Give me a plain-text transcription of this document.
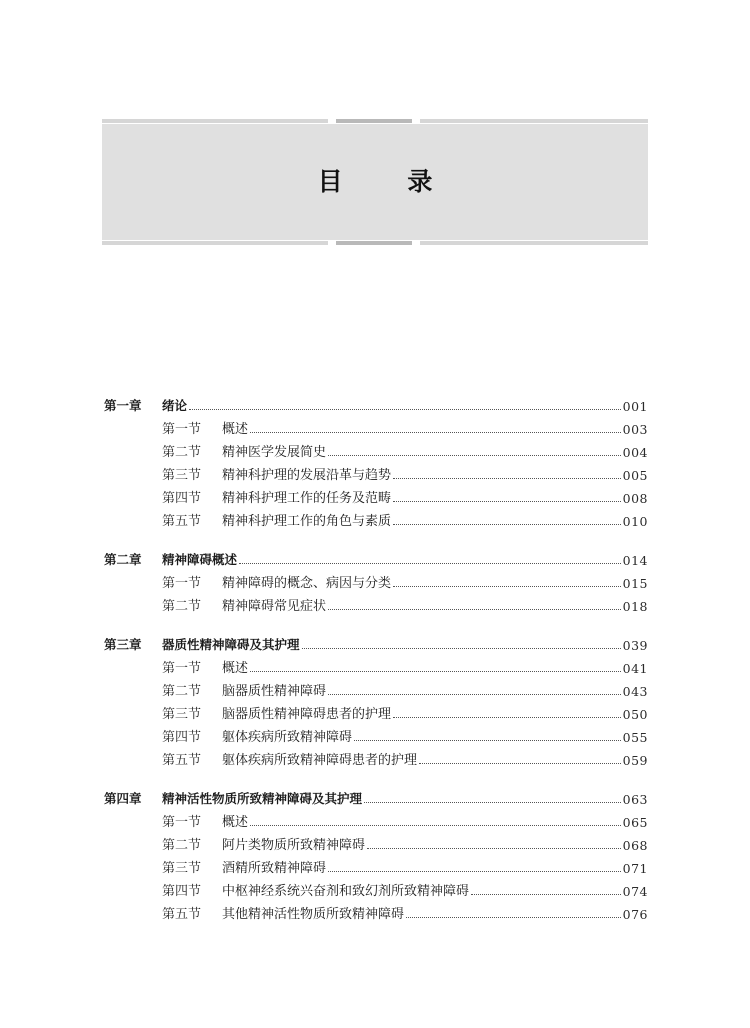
目 录
第一章	绪论	001
第一节	概述	003
第二节	精神医学发展简史	004
第三节	精神科护理的发展沿革与趋势	005
第四节	精神科护理工作的任务及范畴	008
第五节	精神科护理工作的角色与素质	010
第二章	精神障碍概述	014
第一节	精神障碍的概念、病因与分类	015
第二节	精神障碍常见症状	018
第三章	器质性精神障碍及其护理	039
第一节	概述	041
第二节	脑器质性精神障碍	043
第三节	脑器质性精神障碍患者的护理	050
第四节	躯体疾病所致精神障碍	055
第五节	躯体疾病所致精神障碍患者的护理	059
第四章	精神活性物质所致精神障碍及其护理	063
第一节	概述	065
第二节	阿片类物质所致精神障碍	068
第三节	酒精所致精神障碍	071
第四节	中枢神经系统兴奋剂和致幻剂所致精神障碍	074
第五节	其他精神活性物质所致精神障碍	076
